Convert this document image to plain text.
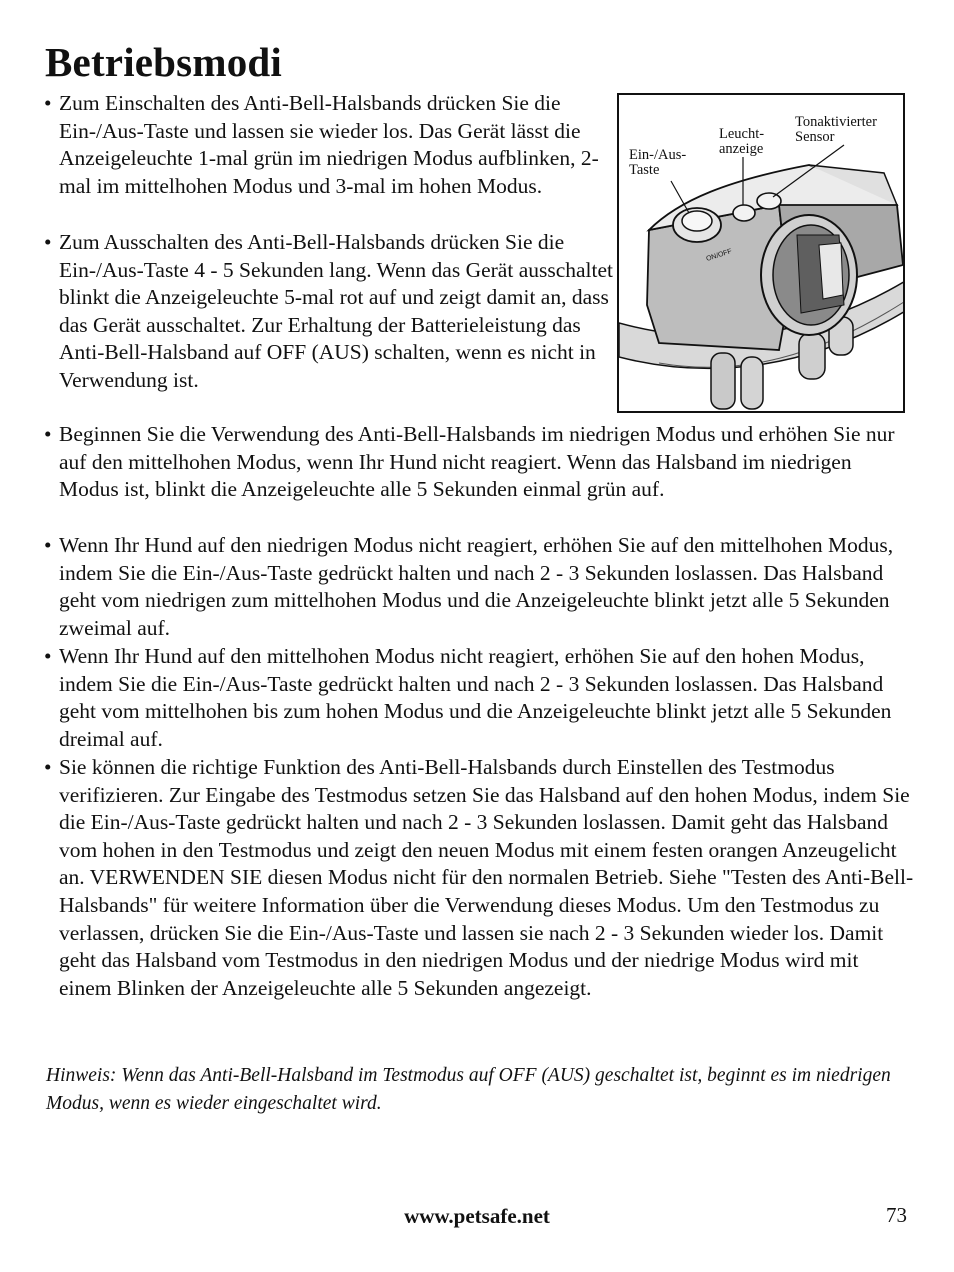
Betriebsmodi
ON/OFF
Ein-/Aus-
Taste
Leucht-
anzeige
Tonaktivierter
Sensor
• Zum Einschalten des Anti-Bell-Halsbands drücken Sie die Ein-/Aus-Taste und lassen sie wieder los. Das Gerät lässt die Anzeigeleuchte 1-mal grün im niedrigen Modus aufblinken, 2-mal im mittelhohen Modus und 3-mal im hohen Modus.
• Zum Ausschalten des Anti-Bell-Halsbands drücken Sie die Ein-/Aus-Taste 4 - 5 Sekunden lang. Wenn das Gerät ausschaltet blinkt die Anzeigeleuchte 5-mal rot auf und zeigt damit an, dass das Gerät ausschaltet. Zur Erhaltung der Batterieleistung das Anti-Bell-Halsband auf OFF (AUS) schalten, wenn es nicht in Verwendung ist.
• Beginnen Sie die Verwendung des Anti-Bell-Halsbands im niedrigen Modus und erhöhen Sie nur auf den mittelhohen Modus, wenn Ihr Hund nicht reagiert. Wenn das Halsband im niedrigen Modus ist, blinkt die Anzeigeleuchte alle 5 Sekunden einmal grün auf.
• Wenn Ihr Hund auf den niedrigen Modus nicht reagiert, erhöhen Sie auf den mittelhohen Modus, indem Sie die Ein-/Aus-Taste gedrückt halten und nach 2 - 3 Sekunden loslassen. Das Halsband geht vom niedrigen zum mittelhohen Modus und die Anzeigeleuchte blinkt jetzt alle 5 Sekunden zweimal auf.
• Wenn Ihr Hund auf den mittelhohen Modus nicht reagiert, erhöhen Sie auf den hohen Modus, indem Sie die Ein-/Aus-Taste gedrückt halten und nach 2 - 3 Sekunden loslassen. Das Halsband geht vom mittelhohen bis zum hohen Modus und die Anzeigeleuchte blinkt jetzt alle 5 Sekunden dreimal auf.
• Sie können die richtige Funktion des Anti-Bell-Halsbands durch Einstellen des Testmodus verifizieren. Zur Eingabe des Testmodus setzen Sie das Halsband auf den hohen Modus, indem Sie die Ein-/Aus-Taste gedrückt halten und nach 2 - 3 Sekunden loslassen. Damit geht das Halsband vom hohen in den Testmodus und zeigt den neuen Modus mit einem festen orangen Anzeugelicht an. VERWENDEN SIE diesen Modus nicht für den normalen Betrieb. Siehe "Testen des Anti-Bell-Halsbands" für weitere Information über die Verwendung dieses Modus. Um den Testmodus zu verlassen, drücken Sie die Ein-/Aus-Taste und lassen sie nach 2 - 3 Sekunden wieder los. Damit geht das Halsband vom Testmodus in den niedrigen Modus und der niedrige Modus wird mit einem Blinken der Anzeigeleuchte alle 5 Sekunden angezeigt.
Hinweis: Wenn das Anti-Bell-Halsband im Testmodus auf OFF (AUS) geschaltet ist, beginnt es im niedrigen Modus, wenn es wieder eingeschaltet wird.
www.petsafe.net	73
